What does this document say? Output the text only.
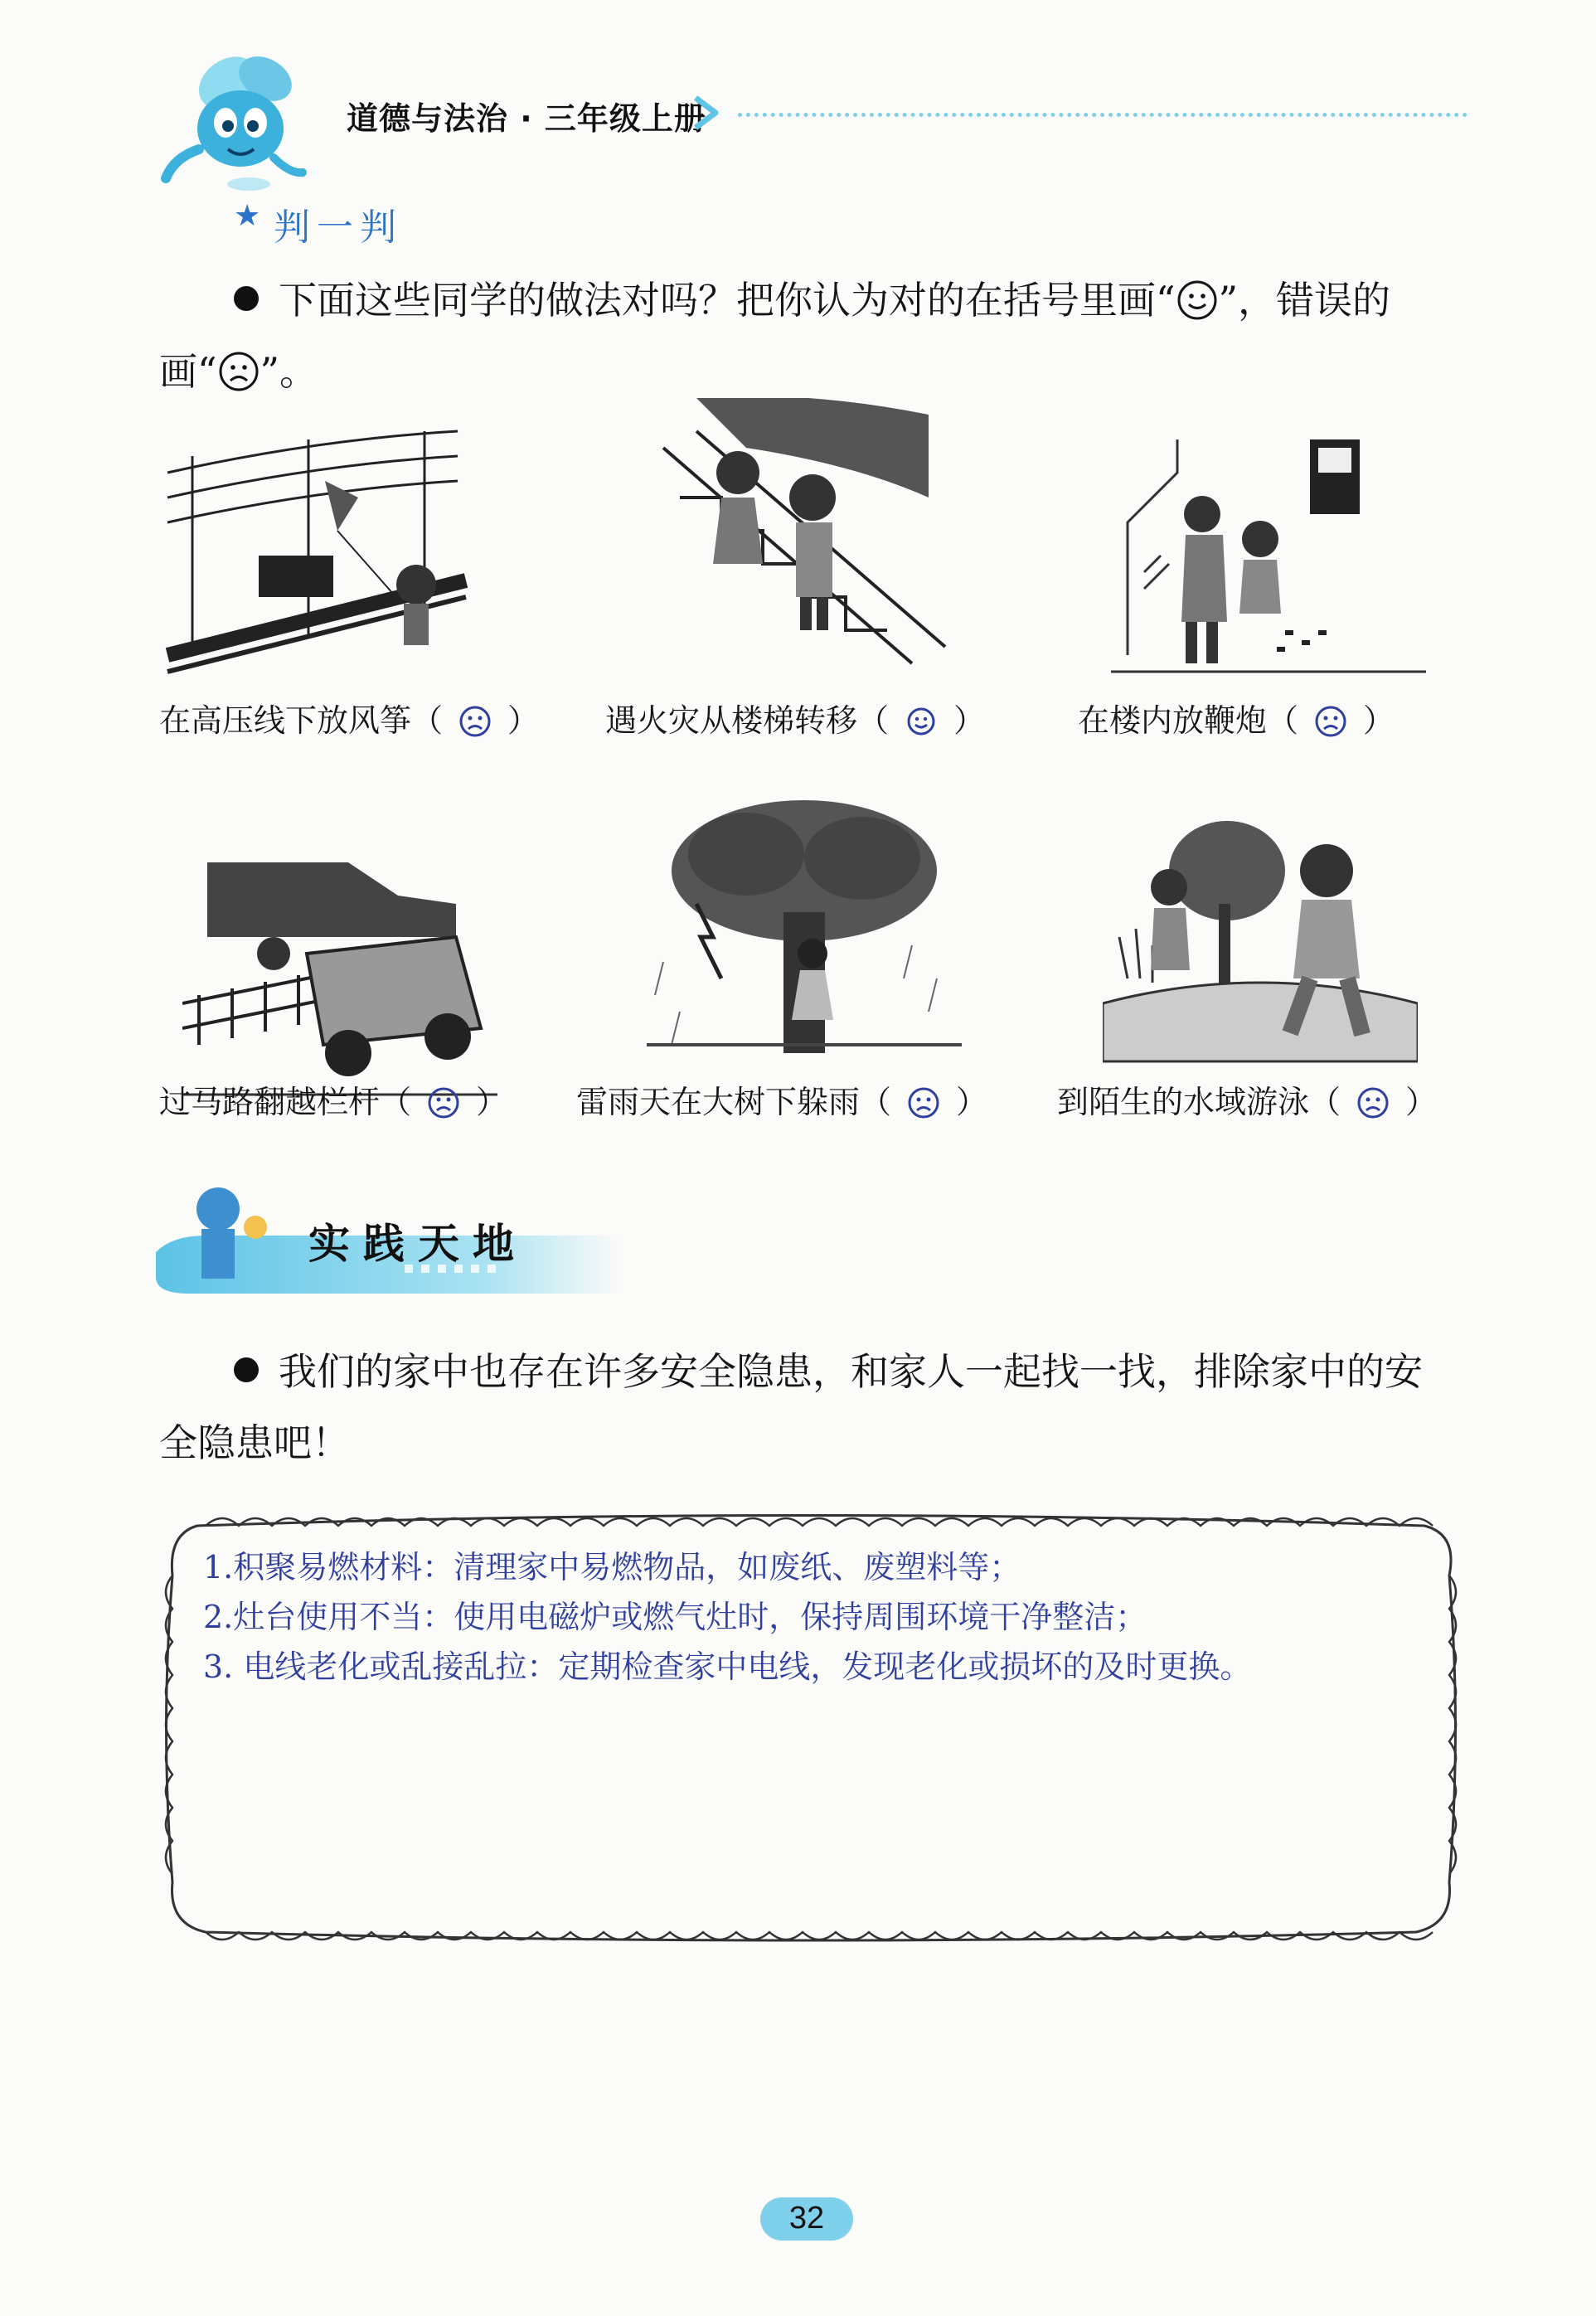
道德与法治 · 三年级上册
★ 判一判
下面这些同学的做法对吗？把你认为对的在括号里画“ ”，错误的
画“ ”。
在高压线下放风筝（ ） 遇火灾从楼梯转移（ ）	在楼内放鞭炮（ ）
过马路翻越栏杆（ ） 雷雨天在大树下躲雨（ ） 到陌生的水域游泳（ ）
实践天地
我们的家中也存在许多安全隐患，和家人一起找一找，排除家中的安
全隐患吧！
1.积聚易燃材料：清理家中易燃物品，如废纸、废塑料等；
2.灶台使用不当：使用电磁炉或燃气灶时，保持周围环境干净整洁；
3. 电线老化或乱接乱拉：定期检查家中电线，发现老化或损坏的及时更换。
32
